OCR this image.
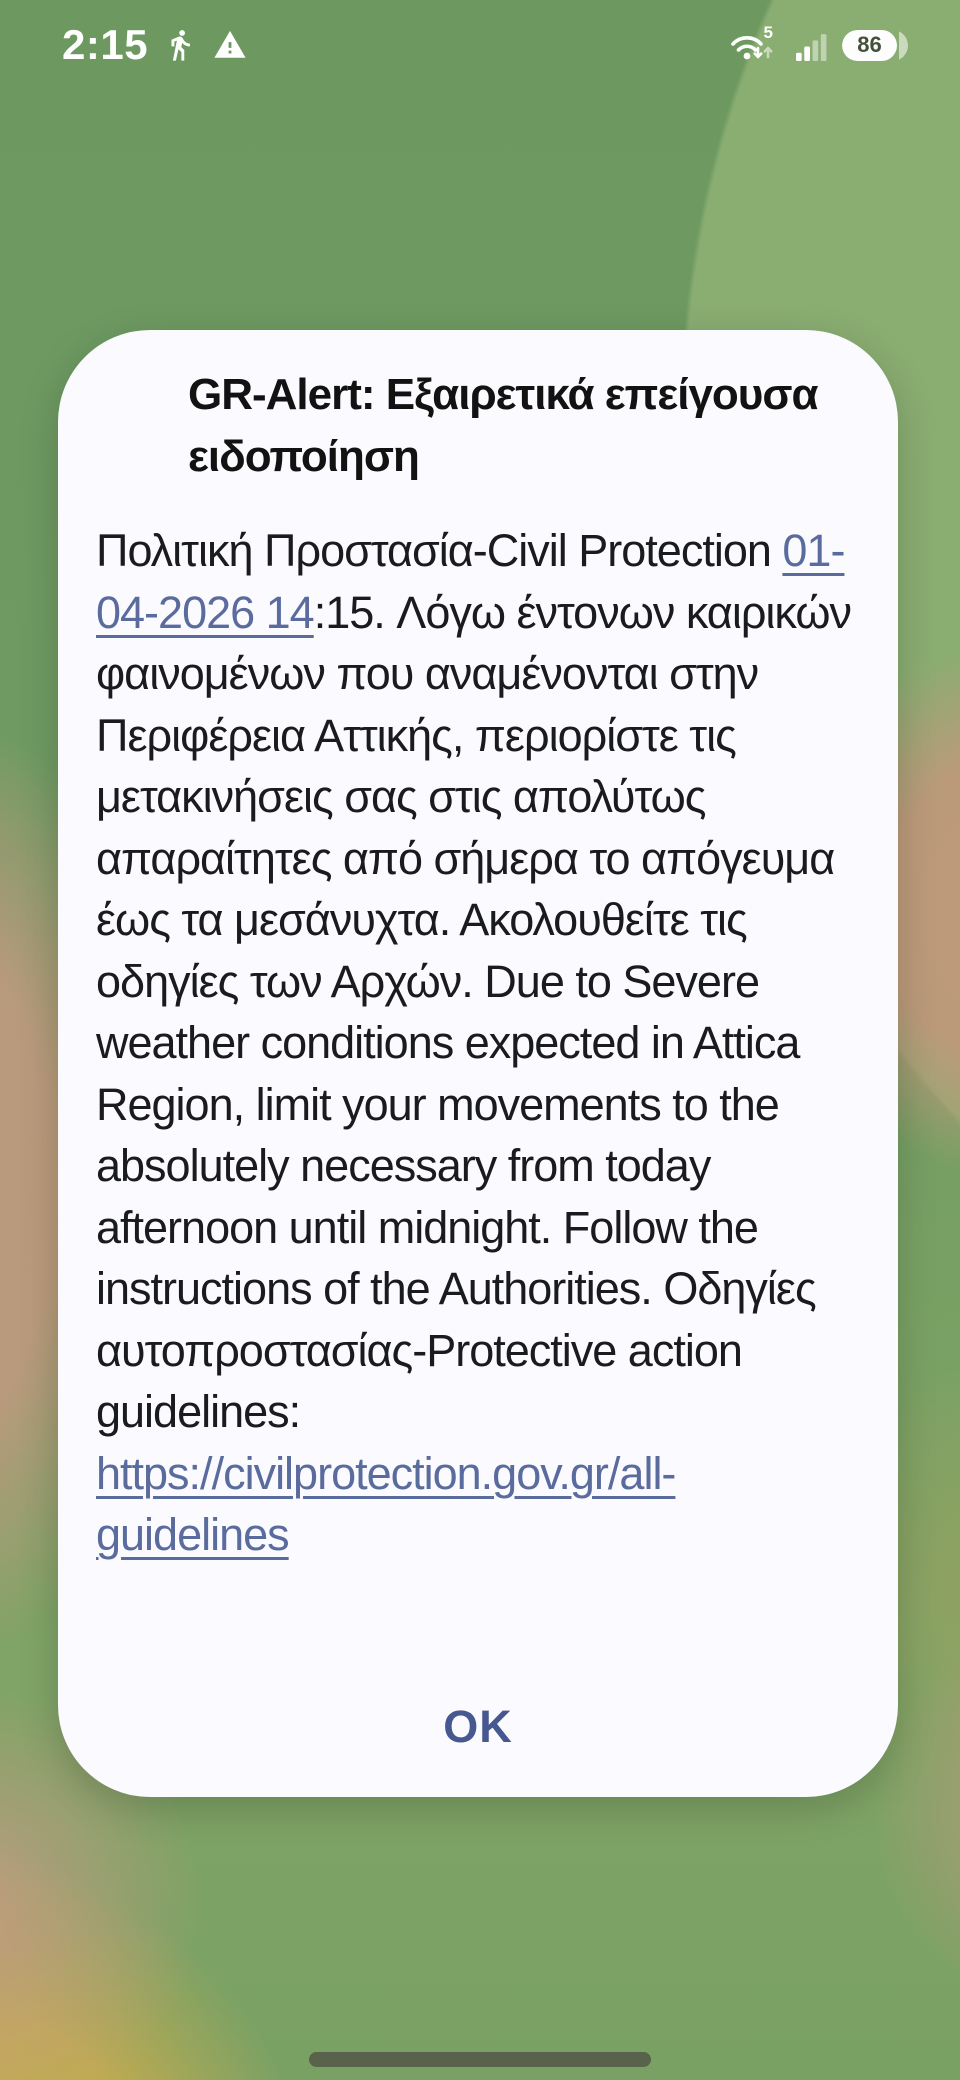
2:15	5	86
GR-Alert: Εξαιρετικά επείγουσα ειδοποίηση

Πολιτική Προστασία-Civil Protection 01-04-2026 14:15. Λόγω έντονων καιρικών φαινομένων που αναμένονται στην Περιφέρεια Αττικής, περιορίστε τις μετακινήσεις σας στις απολύτως απαραίτητες από σήμερα το απόγευμα έως τα μεσάνυχτα. Ακολουθείτε τις οδηγίες των Αρχών. Due to Severe weather conditions expected in Attica Region, limit your movements to the absolutely necessary from today afternoon until midnight. Follow the instructions of the Authorities. Οδηγίες αυτοπροστασίας-Protective action guidelines: https://civilprotection.gov.gr/all-guidelines

OK
